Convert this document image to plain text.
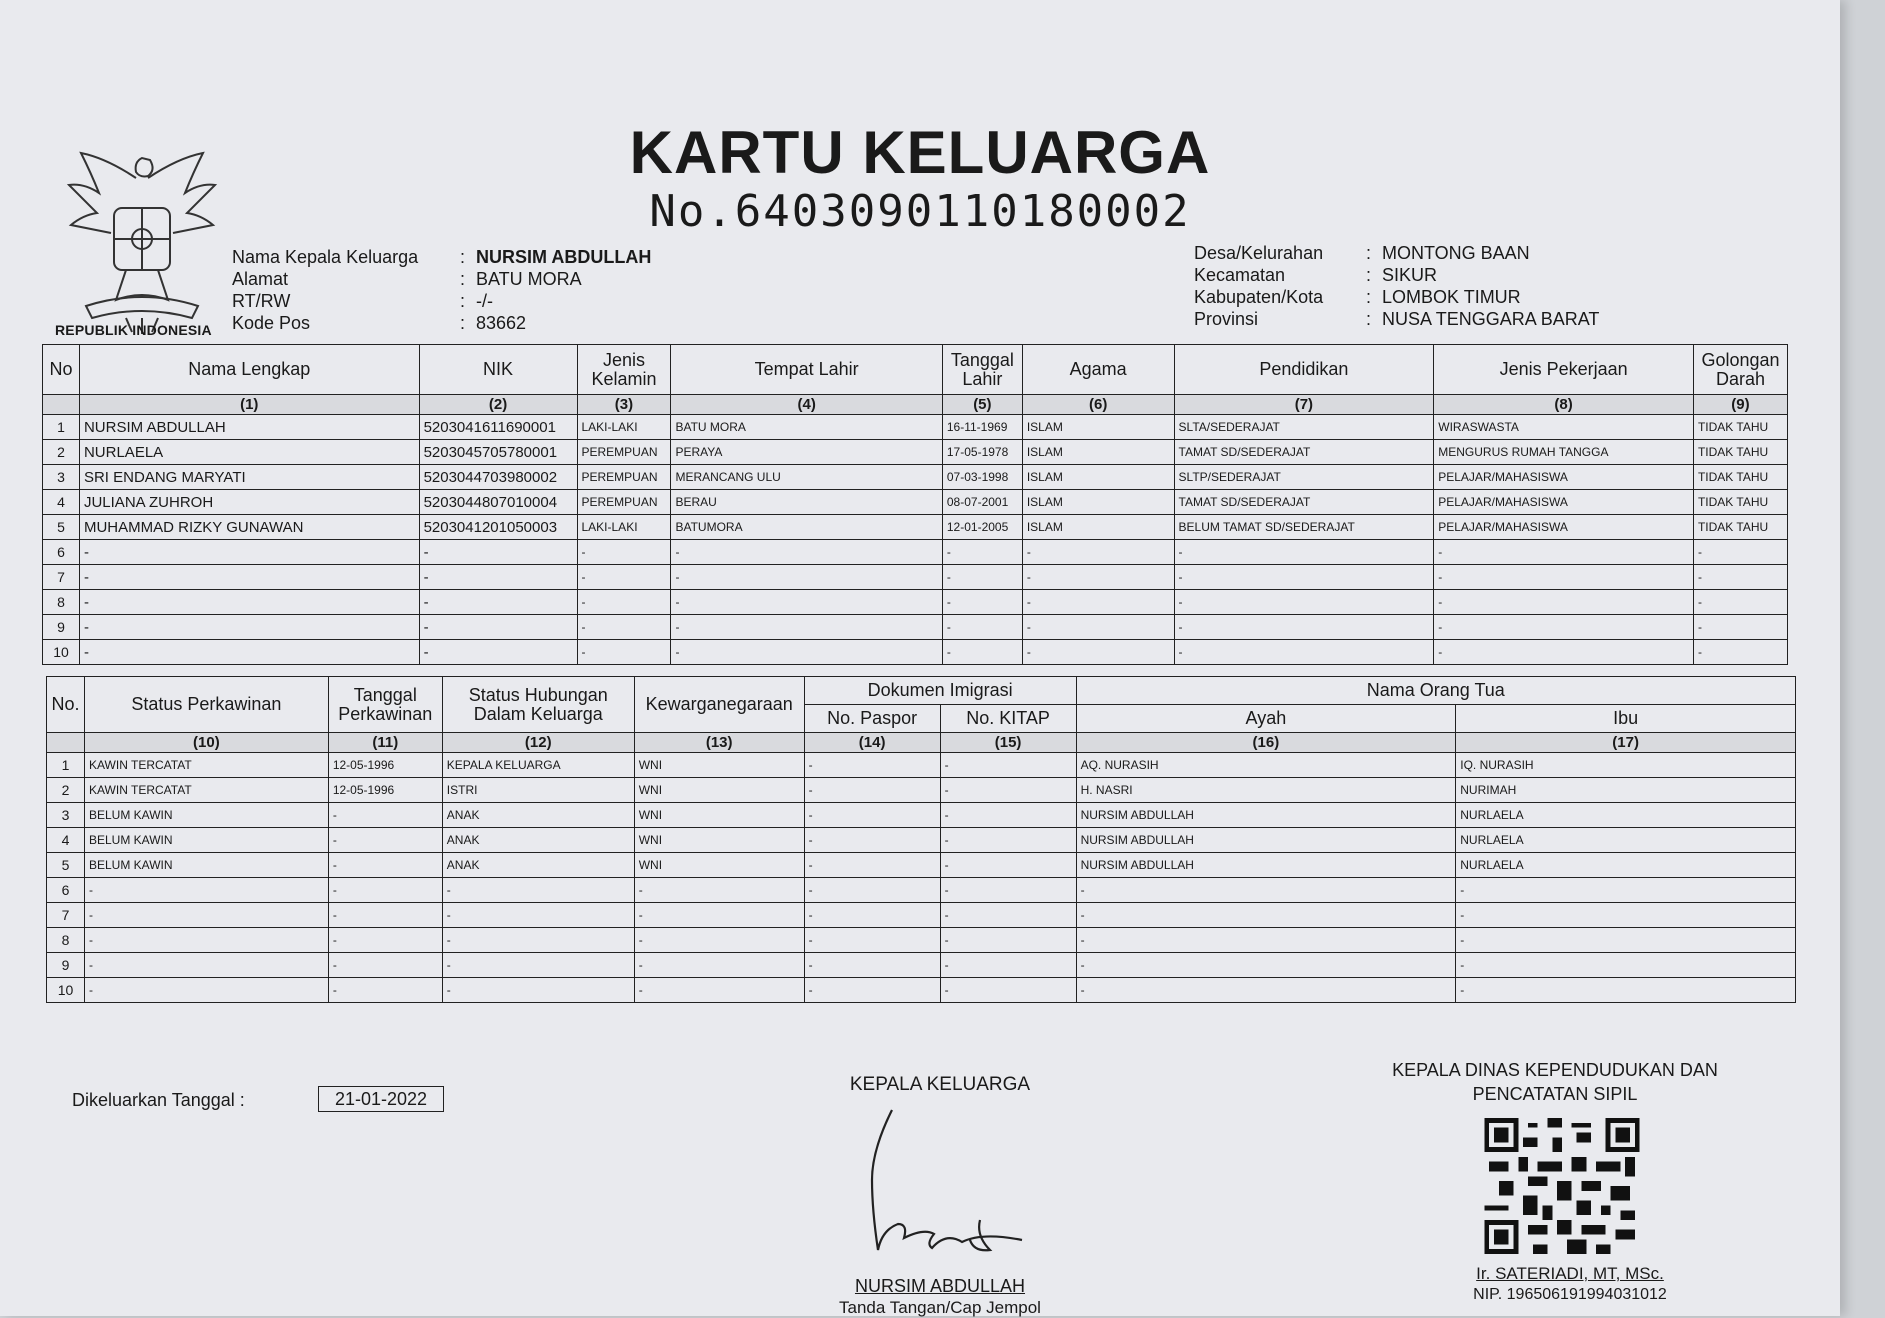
REPUBLIK INDONESIA
KARTU KELUARGA
No.6403090110180002
Nama Kepala Keluarga	: NURSIM ABDULLAH
Alamat	: BATU MORA
RT/RW	: -/-
Kode Pos	: 83662
Desa/Kelurahan	: MONTONG BAAN
Kecamatan	: SIKUR
Kabupaten/Kota	: LOMBOK TIMUR
Provinsi	: NUSA TENGGARA BARAT
No	Nama Lengkap	NIK	Jenis Kelamin	Tempat Lahir	Tanggal Lahir	Agama	Pendidikan	Jenis Pekerjaan	Golongan Darah
	(1)	(2)	(3)	(4)	(5)	(6)	(7)	(8)	(9)
1	NURSIM ABDULLAH	5203041611690001	LAKI-LAKI	BATU MORA	16-11-1969	ISLAM	SLTA/SEDERAJAT	WIRASWASTA	TIDAK TAHU
2	NURLAELA	5203045705780001	PEREMPUAN	PERAYA	17-05-1978	ISLAM	TAMAT SD/SEDERAJAT	MENGURUS RUMAH TANGGA	TIDAK TAHU
3	SRI ENDANG MARYATI	5203044703980002	PEREMPUAN	MERANCANG ULU	07-03-1998	ISLAM	SLTP/SEDERAJAT	PELAJAR/MAHASISWA	TIDAK TAHU
4	JULIANA ZUHROH	5203044807010004	PEREMPUAN	BERAU	08-07-2001	ISLAM	TAMAT SD/SEDERAJAT	PELAJAR/MAHASISWA	TIDAK TAHU
5	MUHAMMAD RIZKY GUNAWAN	5203041201050003	LAKI-LAKI	BATUMORA	12-01-2005	ISLAM	BELUM TAMAT SD/SEDERAJAT	PELAJAR/MAHASISWA	TIDAK TAHU
6	-	-	-	-	-	-	-	-	-
7	-	-	-	-	-	-	-	-	-
8	-	-	-	-	-	-	-	-	-
9	-	-	-	-	-	-	-	-	-
10	-	-	-	-	-	-	-	-	-
No.	Status Perkawinan	Tanggal Perkawinan	Status Hubungan Dalam Keluarga	Kewarganegaraan	Dokumen Imigrasi		Nama Orang Tua	
					No. Paspor	No. KITAP	Ayah	Ibu
	(10)	(11)	(12)	(13)	(14)	(15)	(16)	(17)
1	KAWIN TERCATAT	12-05-1996	KEPALA KELUARGA	WNI	-	-	AQ. NURASIH	IQ. NURASIH
2	KAWIN TERCATAT	12-05-1996	ISTRI	WNI	-	-	H. NASRI	NURIMAH
3	BELUM KAWIN	-	ANAK	WNI	-	-	NURSIM ABDULLAH	NURLAELA
4	BELUM KAWIN	-	ANAK	WNI	-	-	NURSIM ABDULLAH	NURLAELA
5	BELUM KAWIN	-	ANAK	WNI	-	-	NURSIM ABDULLAH	NURLAELA
6	-	-	-	-	-	-	-	-
7	-	-	-	-	-	-	-	-
8	-	-	-	-	-	-	-	-
9	-	-	-	-	-	-	-	-
10	-	-	-	-	-	-	-	-
Dikeluarkan Tanggal :	21-01-2022
KEPALA KELUARGA
NURSIM ABDULLAH
Tanda Tangan/Cap Jempol
KEPALA DINAS KEPENDUDUKAN DAN PENCATATAN SIPIL
Ir. SATERIADI, MT, MSc.
NIP. 196506191994031012
